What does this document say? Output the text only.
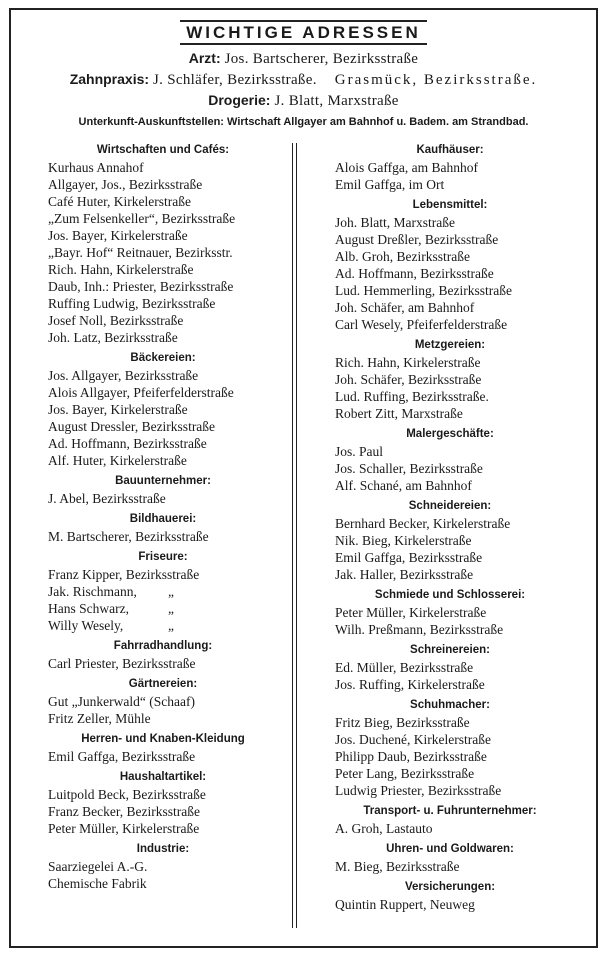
WICHTIGE ADRESSEN
Arzt: Jos. Bartscherer, Bezirksstraße
Zahnpraxis: J. Schläfer, Bezirksstraße. Grasmück, Bezirksstraße.
Drogerie: J. Blatt, Marxstraße
Unterkunft-Auskunftstellen: Wirtschaft Allgayer am Bahnhof u. Badem. am Strandbad.
Wirtschaften und Cafés:
Kurhaus Annahof
Allgayer, Jos., Bezirksstraße
Café Huter, Kirkelerstraße
„Zum Felsenkeller“, Bezirksstraße
Jos. Bayer, Kirkelerstraße
„Bayr. Hof“ Reitnauer, Bezirksstr.
Rich. Hahn, Kirkelerstraße
Daub, Inh.: Priester, Bezirksstraße
Ruffing Ludwig, Bezirksstraße
Josef Noll, Bezirksstraße
Joh. Latz, Bezirksstraße
Bäckereien:
Jos. Allgayer, Bezirksstraße
Alois Allgayer, Pfeiferfelderstraße
Jos. Bayer, Kirkelerstraße
August Dressler, Bezirksstraße
Ad. Hoffmann, Bezirksstraße
Alf. Huter, Kirkelerstraße
Bauunternehmer:
J. Abel, Bezirksstraße
Bildhauerei:
M. Bartscherer, Bezirksstraße
Friseure:
Franz Kipper, Bezirksstraße
Jak. Rischmann, „
Hans Schwarz,	„
Willy Wesely,	„
Fahrradhandlung:
Carl Priester, Bezirksstraße
Gärtnereien:
Gut „Junkerwald“ (Schaaf)
Fritz Zeller, Mühle
Herren- und Knaben-Kleidung
Emil Gaffga, Bezirksstraße
Haushaltartikel:
Luitpold Beck, Bezirksstraße
Franz Becker, Bezirksstraße
Peter Müller, Kirkelerstraße
Industrie:
Saarziegelei A.-G.
Chemische Fabrik
Kaufhäuser:
Alois Gaffga, am Bahnhof
Emil Gaffga, im Ort
Lebensmittel:
Joh. Blatt, Marxstraße
August Dreßler, Bezirksstraße
Alb. Groh, Bezirksstraße
Ad. Hoffmann, Bezirksstraße
Lud. Hemmerling, Bezirksstraße
Joh. Schäfer, am Bahnhof
Carl Wesely, Pfeiferfelderstraße
Metzgereien:
Rich. Hahn, Kirkelerstraße
Joh. Schäfer, Bezirksstraße
Lud. Ruffing, Bezirksstraße.
Robert Zitt, Marxstraße
Malergeschäfte:
Jos. Paul
Jos. Schaller, Bezirksstraße
Alf. Schané, am Bahnhof
Schneidereien:
Bernhard Becker, Kirkelerstraße
Nik. Bieg, Kirkelerstraße
Emil Gaffga, Bezirksstraße
Jak. Haller, Bezirksstraße
Schmiede und Schlosserei:
Peter Müller, Kirkelerstraße
Wilh. Preßmann, Bezirksstraße
Schreinereien:
Ed. Müller, Bezirksstraße
Jos. Ruffing, Kirkelerstraße
Schuhmacher:
Fritz Bieg, Bezirksstraße
Jos. Duchené, Kirkelerstraße
Philipp Daub, Bezirksstraße
Peter Lang, Bezirksstraße
Ludwig Priester, Bezirksstraße
Transport- u. Fuhrunternehmer:
A. Groh, Lastauto
Uhren- und Goldwaren:
M. Bieg, Bezirksstraße
Versicherungen:
Quintin Ruppert, Neuweg
